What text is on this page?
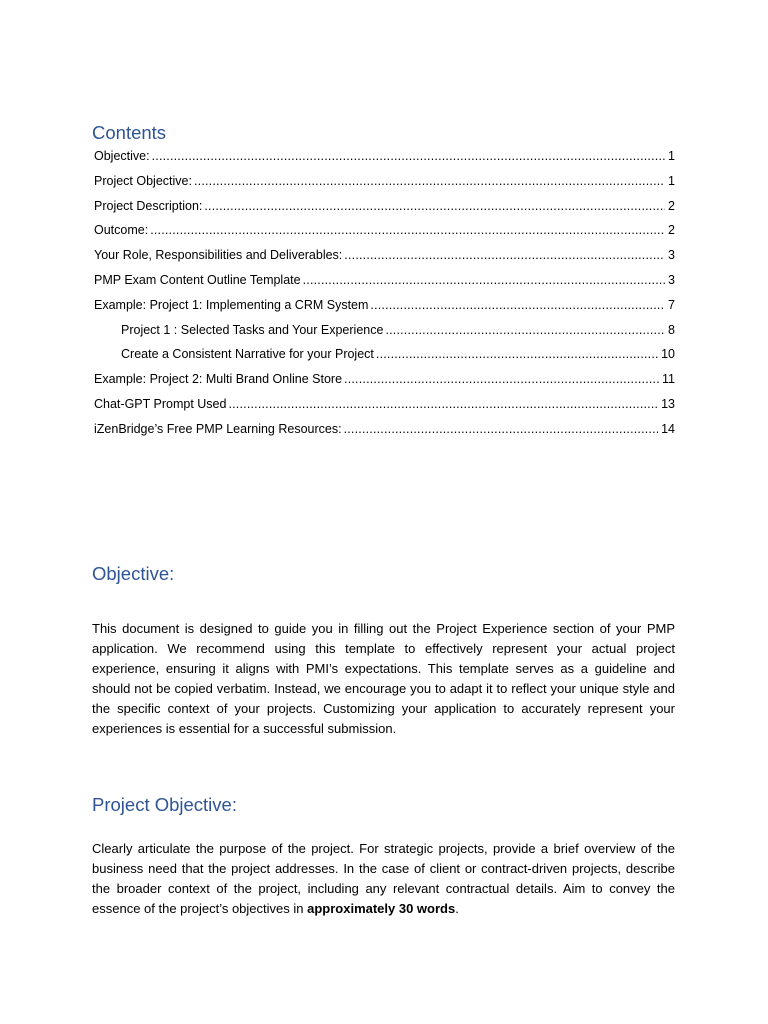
Contents
Objective: .....	1
Project Objective: .....	1
Project Description: .....	2
Outcome: .....	2
Your Role, Responsibilities and Deliverables: .....	3
PMP Exam Content Outline Template .....	3
Example: Project 1: Implementing a CRM System .....	7
Project 1 : Selected Tasks and Your Experience .....	8
Create a Consistent Narrative for your Project .....	10
Example: Project 2: Multi Brand Online Store .....	11
Chat-GPT Prompt Used .....	13
iZenBridge’s Free PMP Learning Resources: .....	14
Objective:

This document is designed to guide you in filling out the Project Experience section of your PMP application. We recommend using this template to effectively represent your actual project experience, ensuring it aligns with PMI’s expectations. This template serves as a guideline and should not be copied verbatim. Instead, we encourage you to adapt it to reflect your unique style and the specific context of your projects. Customizing your application to accurately represent your experiences is essential for a successful submission.

Project Objective:

Clearly articulate the purpose of the project. For strategic projects, provide a brief overview of the business need that the project addresses. In the case of client or contract-driven projects, describe the broader context of the project, including any relevant contractual details. Aim to convey the essence of the project’s objectives in approximately 30 words.
